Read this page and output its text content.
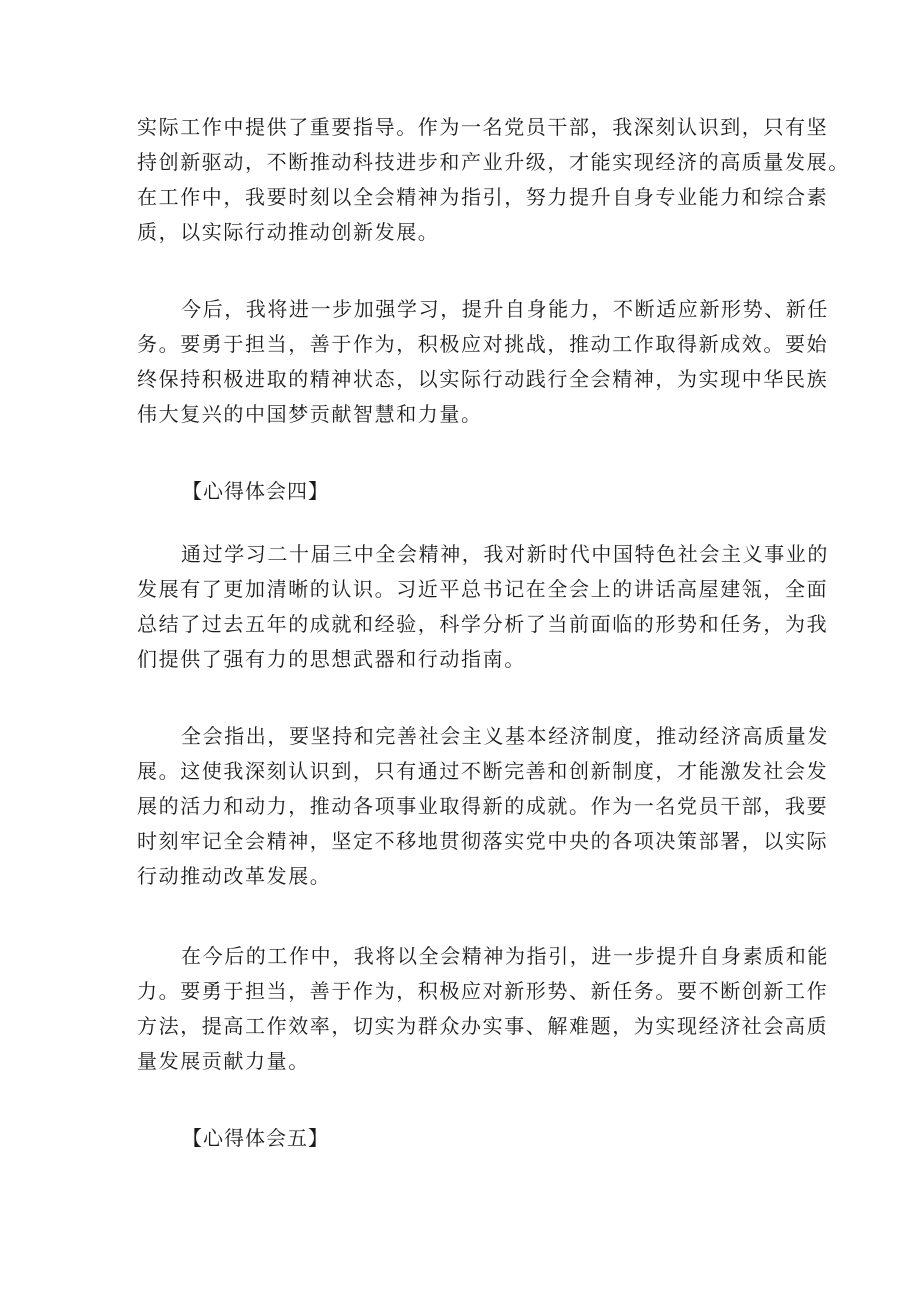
实际工作中提供了重要指导。作为一名党员干部，我深刻认识到，只有坚
持创新驱动，不断推动科技进步和产业升级，才能实现经济的高质量发展。
在工作中，我要时刻以全会精神为指引，努力提升自身专业能力和综合素
质，以实际行动推动创新发展。
今后，我将进一步加强学习，提升自身能力，不断适应新形势、新任
务。要勇于担当，善于作为，积极应对挑战，推动工作取得新成效。要始
终保持积极进取的精神状态，以实际行动践行全会精神，为实现中华民族
伟大复兴的中国梦贡献智慧和力量。
【心得体会四】
通过学习二十届三中全会精神，我对新时代中国特色社会主义事业的
发展有了更加清晰的认识。习近平总书记在全会上的讲话高屋建瓴，全面
总结了过去五年的成就和经验，科学分析了当前面临的形势和任务，为我
们提供了强有力的思想武器和行动指南。
全会指出，要坚持和完善社会主义基本经济制度，推动经济高质量发
展。这使我深刻认识到，只有通过不断完善和创新制度，才能激发社会发
展的活力和动力，推动各项事业取得新的成就。作为一名党员干部，我要
时刻牢记全会精神，坚定不移地贯彻落实党中央的各项决策部署，以实际
行动推动改革发展。
在今后的工作中，我将以全会精神为指引，进一步提升自身素质和能
力。要勇于担当，善于作为，积极应对新形势、新任务。要不断创新工作
方法，提高工作效率，切实为群众办实事、解难题，为实现经济社会高质
量发展贡献力量。
【心得体会五】
